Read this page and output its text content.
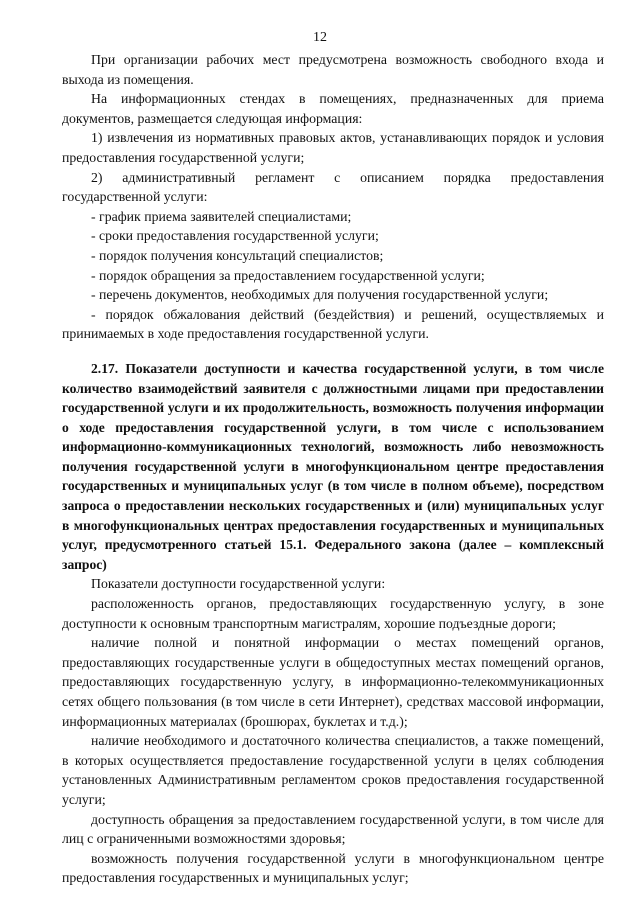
12

При организации рабочих мест предусмотрена возможность свободного входа и выхода из помещения.

На информационных стендах в помещениях, предназначенных для приема документов, размещается следующая информация:

1) извлечения из нормативных правовых актов, устанавливающих порядок и условия предоставления государственной услуги;

2) административный регламент с описанием порядка предоставления государственной услуги:

- график приема заявителей специалистами;

- сроки предоставления государственной услуги;

- порядок получения консультаций специалистов;

- порядок обращения за предоставлением государственной услуги;

- перечень документов, необходимых для получения государственной услуги;

- порядок обжалования действий (бездействия) и решений, осуществляемых и принимаемых в ходе предоставления государственной услуги.

2.17. Показатели доступности и качества государственной услуги, в том числе количество взаимодействий заявителя с должностными лицами при предоставлении государственной услуги и их продолжительность, возможность получения информации о ходе предоставления государственной услуги, в том числе с использованием информационно-коммуникационных технологий, возможность либо невозможность получения государственной услуги в многофункциональном центре предоставления государственных и муниципальных услуг (в том числе в полном объеме), посредством запроса о предоставлении нескольких государственных и (или) муниципальных услуг в многофункциональных центрах предоставления государственных и муниципальных услуг, предусмотренного статьей 15.1. Федерального закона (далее – комплексный запрос)

Показатели доступности государственной услуги:

расположенность органов, предоставляющих государственную услугу, в зоне доступности к основным транспортным магистралям, хорошие подъездные дороги;

наличие полной и понятной информации о местах помещений органов, предоставляющих государственные услуги в общедоступных местах помещений органов, предоставляющих государственную услугу, в информационно-телекоммуникационных сетях общего пользования (в том числе в сети Интернет), средствах массовой информации, информационных материалах (брошюрах, буклетах и т.д.);

наличие необходимого и достаточного количества специалистов, а также помещений, в которых осуществляется предоставление государственной услуги в целях соблюдения установленных Административным регламентом сроков предоставления государственной услуги;

доступность обращения за предоставлением государственной услуги, в том числе для лиц с ограниченными возможностями здоровья;

возможность получения государственной услуги в многофункциональном центре предоставления государственных и муниципальных услуг;
